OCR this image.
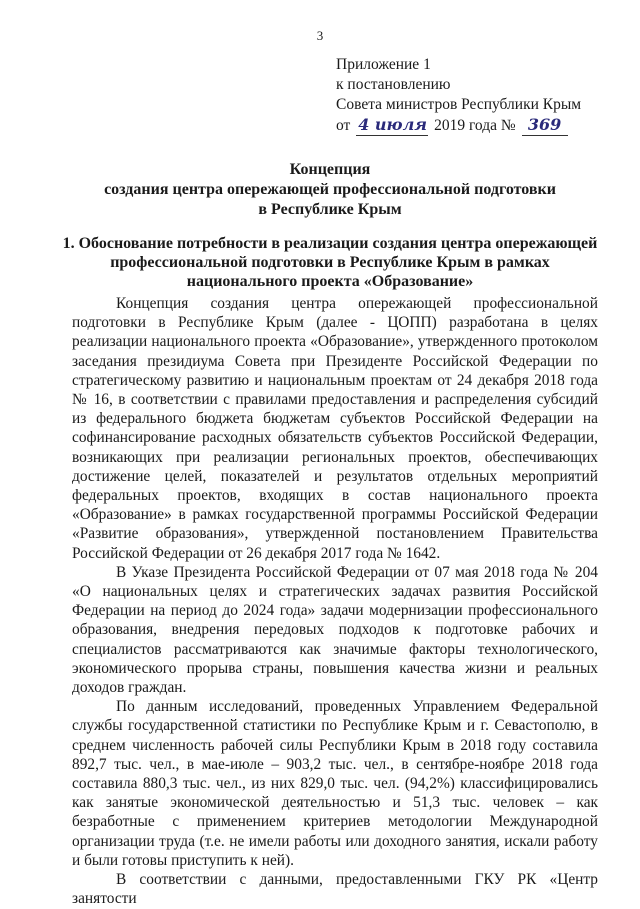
3
Приложение 1
к постановлению
Совета министров Республики Крым
от 4 июля 2019 года № 369
Концепция
создания центра опережающей профессиональной подготовки
в Республике Крым
1. Обоснование потребности в реализации создания центра опережающей
профессиональной подготовки в Республике Крым в рамках
национального проекта «Образование»

Концепция создания центра опережающей профессиональной подготовки в Республике Крым (далее - ЦОПП) разработана в целях реализации национального проекта «Образование», утвержденного протоколом заседания президиума Совета при Президенте Российской Федерации по стратегическому развитию и национальным проектам от 24 декабря 2018 года № 16, в соответствии с правилами предоставления и распределения субсидий из федерального бюджета бюджетам субъектов Российской Федерации на софинансирование расходных обязательств субъектов Российской Федерации, возникающих при реализации региональных проектов, обеспечивающих достижение целей, показателей и результатов отдельных мероприятий федеральных проектов, входящих в состав национального проекта «Образование» в рамках государственной программы Российской Федерации «Развитие образования», утвержденной постановлением Правительства Российской Федерации от 26 декабря 2017 года № 1642.

В Указе Президента Российской Федерации от 07 мая 2018 года № 204 «О национальных целях и стратегических задачах развития Российской Федерации на период до 2024 года» задачи модернизации профессионального образования, внедрения передовых подходов к подготовке рабочих и специалистов рассматриваются как значимые факторы технологического, экономического прорыва страны, повышения качества жизни и реальных доходов граждан.

По данным исследований, проведенных Управлением Федеральной службы государственной статистики по Республике Крым и г. Севастополю, в среднем численность рабочей силы Республики Крым в 2018 году составила 892,7 тыс. чел., в мае-июле – 903,2 тыс. чел., в сентябре-ноябре 2018 года составила 880,3 тыс. чел., из них 829,0 тыс. чел. (94,2%) классифицировались как занятые экономической деятельностью и 51,3 тыс. человек – как безработные с применением критериев методологии Международной организации труда (т.е. не имели работы или доходного занятия, искали работу и были готовы приступить к ней).

В соответствии с данными, предоставленными ГКУ РК «Центр занятости
